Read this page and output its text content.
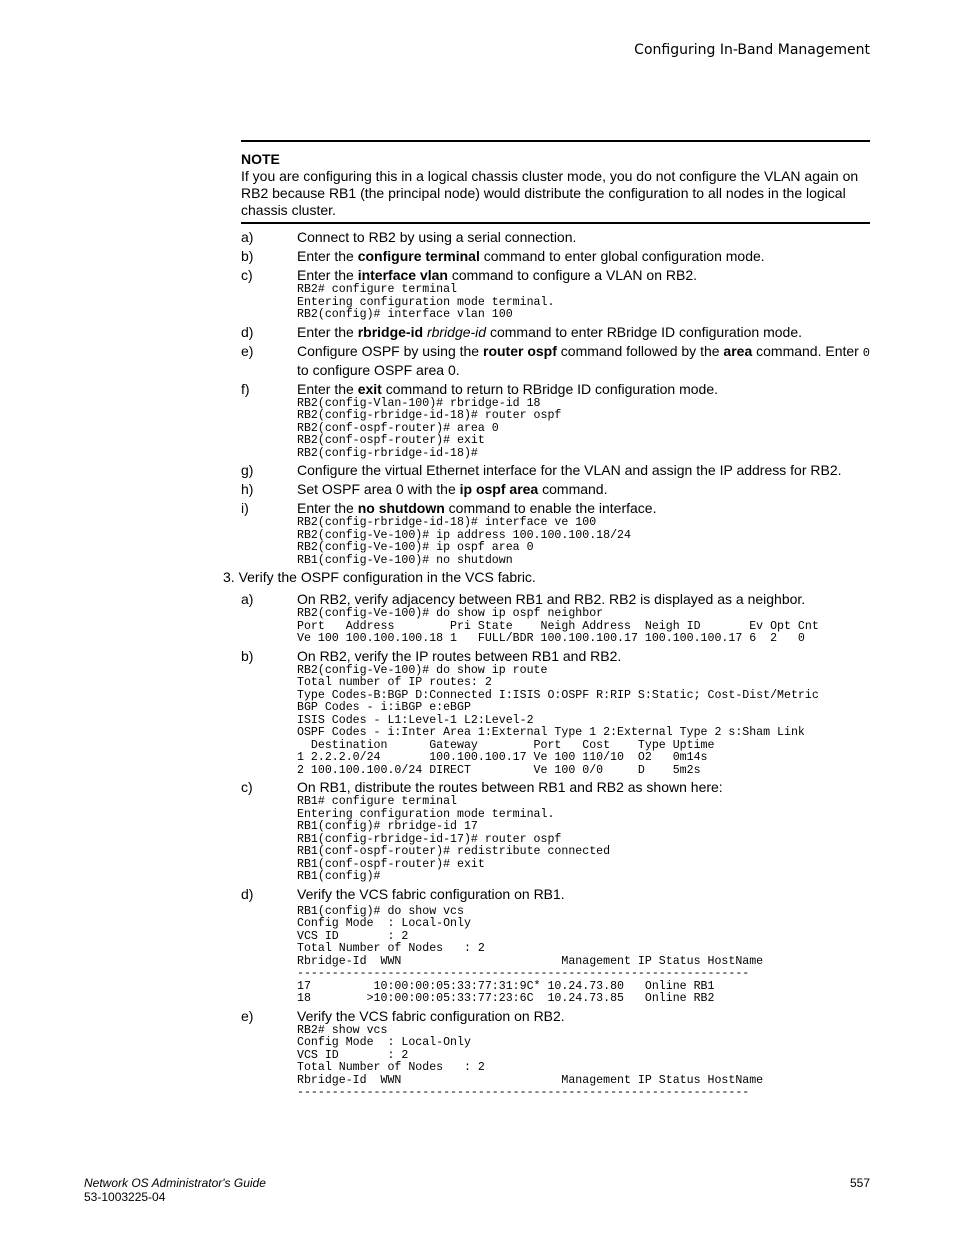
Configuring In-Band Management
NOTE
If you are configuring this in a logical chassis cluster mode, you do not configure the VLAN again on RB2 because RB1 (the principal node) would distribute the configuration to all nodes in the logical chassis cluster.
a)	Connect to RB2 by using a serial connection.
b)	Enter the configure terminal command to enter global configuration mode.
c)	Enter the interface vlan command to configure a VLAN on RB2.
RB2# configure terminal
Entering configuration mode terminal.
RB2(config)# interface vlan 100
d)	Enter the rbridge-id rbridge-id command to enter RBridge ID configuration mode.
e)	Configure OSPF by using the router ospf command followed by the area command. Enter 0 to configure OSPF area 0.
f)	Enter the exit command to return to RBridge ID configuration mode.
RB2(config-Vlan-100)# rbridge-id 18
RB2(config-rbridge-id-18)# router ospf
RB2(conf-ospf-router)# area 0
RB2(conf-ospf-router)# exit
RB2(config-rbridge-id-18)#
g)	Configure the virtual Ethernet interface for the VLAN and assign the IP address for RB2.
h)	Set OSPF area 0 with the ip ospf area command.
i)	Enter the no shutdown command to enable the interface.
RB2(config-rbridge-id-18)# interface ve 100
RB2(config-Ve-100)# ip address 100.100.100.18/24
RB2(config-Ve-100)# ip ospf area 0
RB1(config-Ve-100)# no shutdown
3. Verify the OSPF configuration in the VCS fabric.
a)	On RB2, verify adjacency between RB1 and RB2. RB2 is displayed as a neighbor.
RB2(config-Ve-100)# do show ip ospf neighbor
Port   Address        Pri State    Neigh Address  Neigh ID       Ev Opt Cnt
Ve 100 100.100.100.18 1   FULL/BDR 100.100.100.17 100.100.100.17 6  2   0
b)	On RB2, verify the IP routes between RB1 and RB2.
RB2(config-Ve-100)# do show ip route
Total number of IP routes: 2
Type Codes-B:BGP D:Connected I:ISIS O:OSPF R:RIP S:Static; Cost-Dist/Metric
BGP Codes - i:iBGP e:eBGP
ISIS Codes - L1:Level-1 L2:Level-2
OSPF Codes - i:Inter Area 1:External Type 1 2:External Type 2 s:Sham Link
Destination      Gateway        Port   Cost    Type Uptime
1 2.2.2.0/24       100.100.100.17 Ve 100 110/10  O2   0m14s
2 100.100.100.0/24 DIRECT         Ve 100 0/0     D    5m2s
c)	On RB1, distribute the routes between RB1 and RB2 as shown here:
RB1# configure terminal
Entering configuration mode terminal.
RB1(config)# rbridge-id 17
RB1(config-rbridge-id-17)# router ospf
RB1(conf-ospf-router)# redistribute connected
RB1(conf-ospf-router)# exit
RB1(config)#
d)	Verify the VCS fabric configuration on RB1.
RB1(config)# do show vcs
Config Mode  : Local-Only
VCS ID       : 2
Total Number of Nodes   : 2
Rbridge-Id  WWN                       Management IP Status HostName
-----------------------------------------------------------------
17         10:00:00:05:33:77:31:9C* 10.24.73.80   Online RB1
18        >10:00:00:05:33:77:23:6C  10.24.73.85   Online RB2
e)	Verify the VCS fabric configuration on RB2.
RB2# show vcs
Config Mode  : Local-Only
VCS ID       : 2
Total Number of Nodes   : 2
Rbridge-Id  WWN                       Management IP Status HostName
-----------------------------------------------------------------
Network OS Administrator's Guide
53-1003225-04
557
